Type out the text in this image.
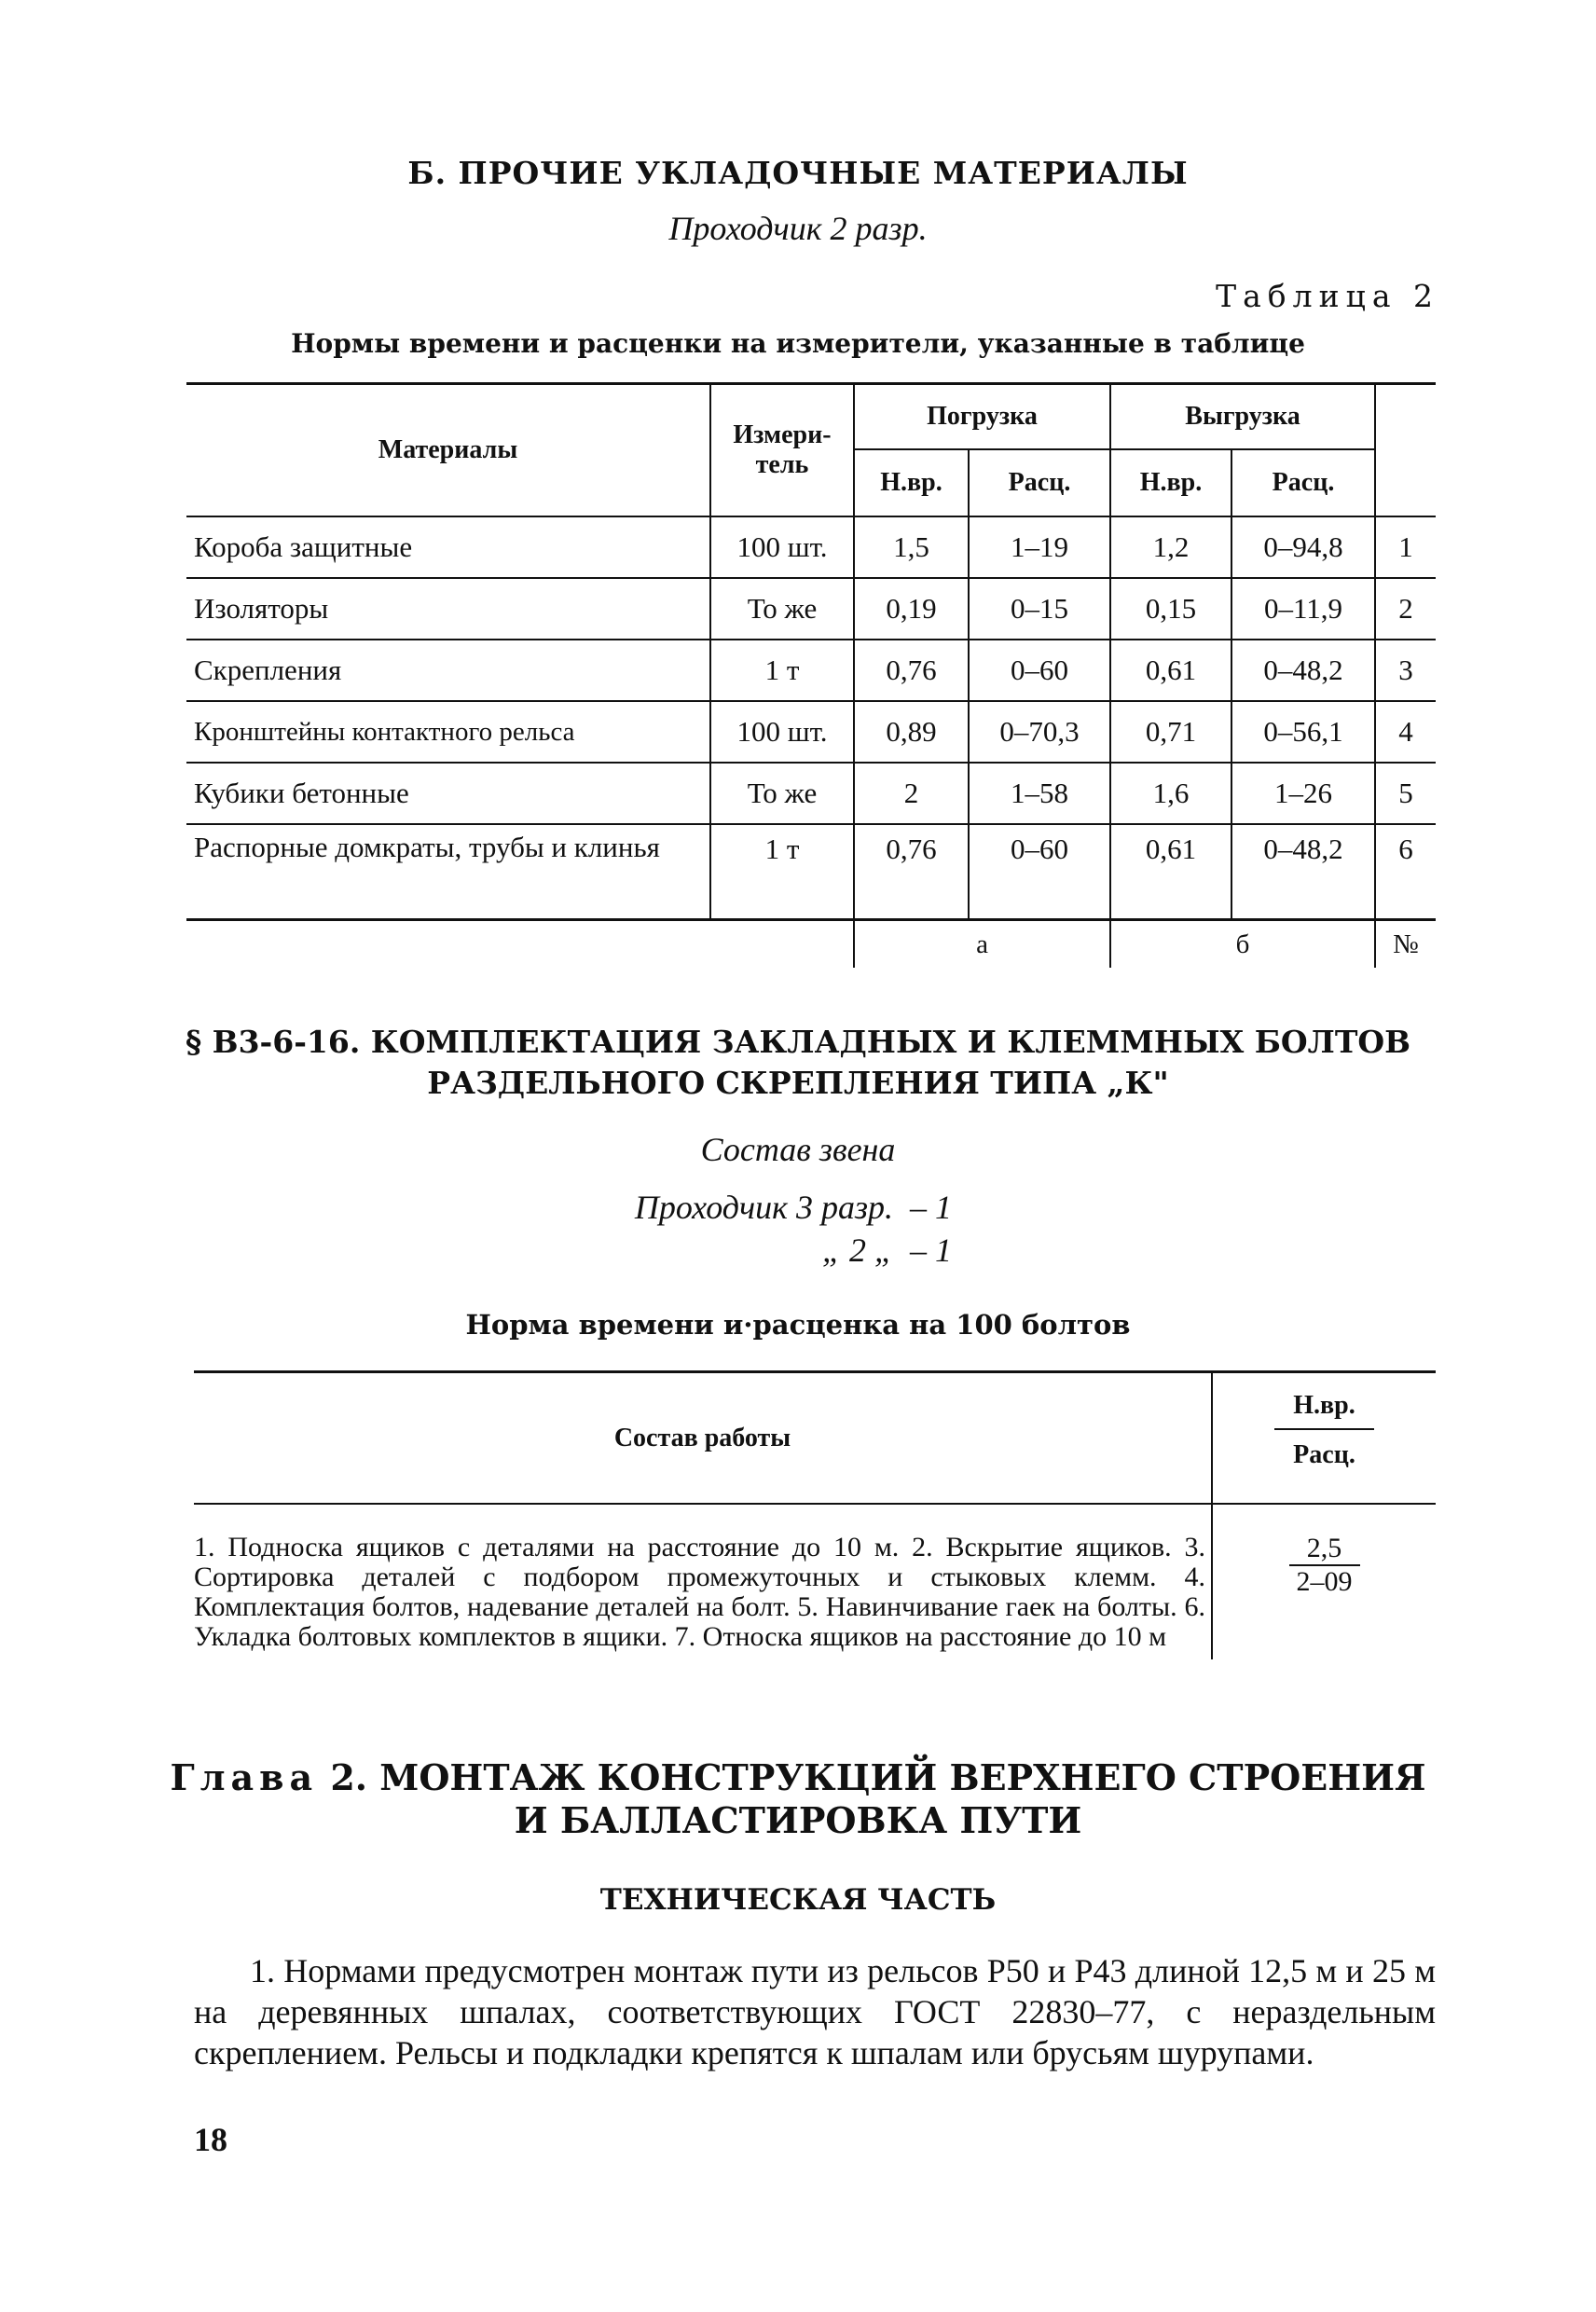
Б. ПРОЧИЕ УКЛАДОЧНЫЕ МАТЕРИАЛЫ
Проходчик 2 разр.
Таблица 2
Нормы времени и расценки на измерители, указанные в таблице
Материалы	Измери-тель	Погрузка		Выгрузка		
		Н.вр.	Расц.	Н.вр.	Расц.	
Короба защитные	100 шт.	1,5	1–19	1,2	0–94,8	1
Изоляторы	То же	0,19	0–15	0,15	0–11,9	2
Скрепления	1 т	0,76	0–60	0,61	0–48,2	3
Кронштейны контактного рельса	100 шт.	0,89	0–70,3	0,71	0–56,1	4
Кубики бетонные	То же	2	1–58	1,6	1–26	5
Распорные домкраты, трубы и клинья	1 т	0,76	0–60	0,61	0–48,2	6
		а		б		№
§ В3-6-16. КОМПЛЕКТАЦИЯ ЗАКЛАДНЫХ И КЛЕММНЫХ БОЛТОВ
РАЗДЕЛЬНОГО СКРЕПЛЕНИЯ ТИПА „К"
Состав звена
Проходчик 3 разр. – 1
„ 2 „ – 1
Норма времени и·расценка на 100 болтов
Состав работы	Н.вр.
	Расц.
1. Подноска ящиков с деталями на расстояние до 10 м. 2. Вскрытие ящиков. 3. Сортировка деталей с подбором промежуточных и стыковых клемм. 4. Комплектация болтов, надевание деталей на болт. 5. Навинчивание гаек на болты. 6. Укладка болтовых комплектов в ящики. 7. Относка ящиков на расстояние до 10 м	$\frac{2,5}{2-09}$
Глава 2. МОНТАЖ КОНСТРУКЦИЙ ВЕРХНЕГО СТРОЕНИЯ
И БАЛЛАСТИРОВКА ПУТИ
ТЕХНИЧЕСКАЯ ЧАСТЬ
1. Нормами предусмотрен монтаж пути из рельсов Р50 и Р43 длиной 12,5 м и 25 м на деревянных шпалах, соответствующих ГОСТ 22830–77, с нераздельным скреплением. Рельсы и подкладки крепятся к шпалам или брусьям шурупами.
18
